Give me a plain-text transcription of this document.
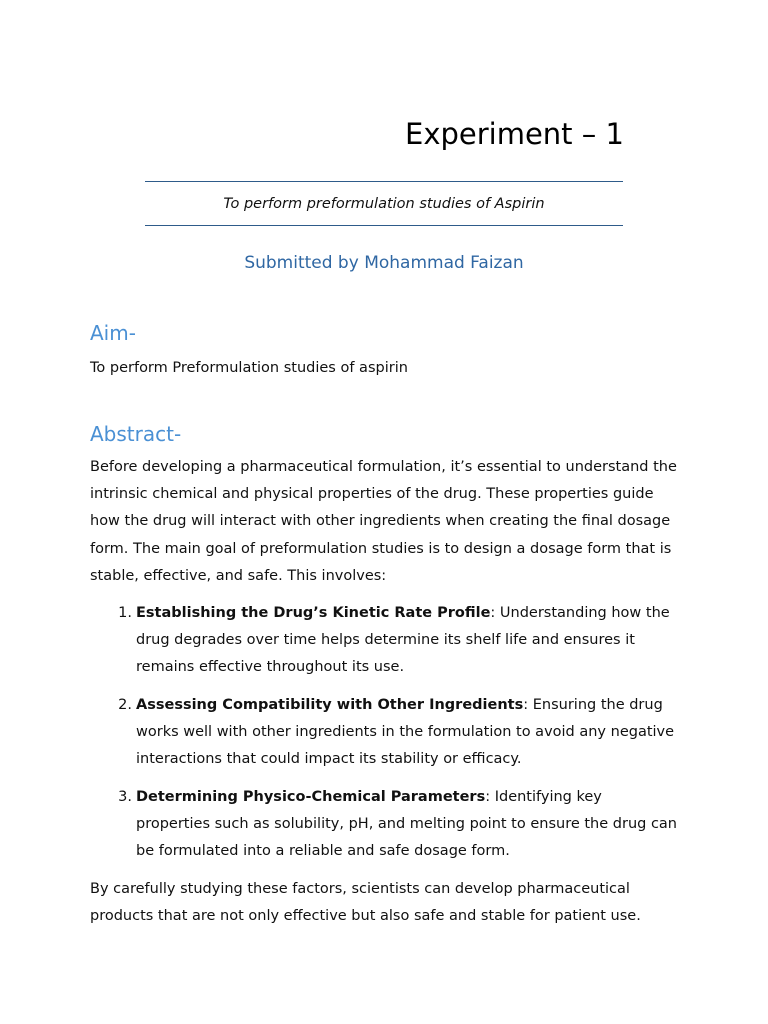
Experiment – 1
To perform preformulation studies of Aspirin
Submitted by Mohammad Faizan
Aim-
To perform Preformulation studies of aspirin
Abstract-
Before developing a pharmaceutical formulation, it’s essential to understand the intrinsic chemical and physical properties of the drug. These properties guide how the drug will interact with other ingredients when creating the final dosage form. The main goal of preformulation studies is to design a dosage form that is stable, effective, and safe. This involves:
1. Establishing the Drug’s Kinetic Rate Profile: Understanding how the drug degrades over time helps determine its shelf life and ensures it remains effective throughout its use.
2. Assessing Compatibility with Other Ingredients: Ensuring the drug works well with other ingredients in the formulation to avoid any negative interactions that could impact its stability or efficacy.
3. Determining Physico-Chemical Parameters: Identifying key properties such as solubility, pH, and melting point to ensure the drug can be formulated into a reliable and safe dosage form.
By carefully studying these factors, scientists can develop pharmaceutical products that are not only effective but also safe and stable for patient use.
